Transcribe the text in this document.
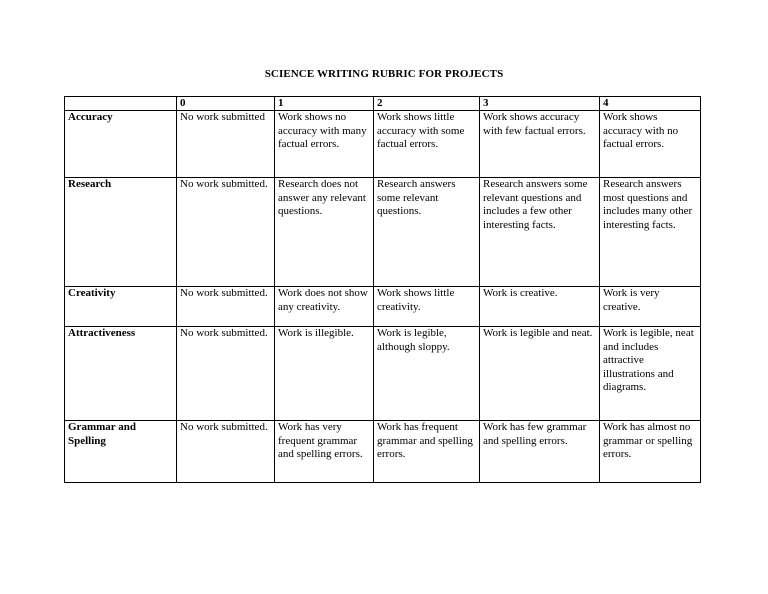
SCIENCE WRITING RUBRIC FOR PROJECTS
	0	1	2	3	4
Accuracy	No work submitted	Work shows no accuracy with many factual errors.	Work shows little accuracy with some factual errors.	Work shows accuracy with few factual errors.	Work shows accuracy with no factual errors.
Research	No work submitted.	Research does not answer any relevant questions.	Research answers some relevant questions.	Research answers some relevant questions and includes a few other interesting facts.	Research answers most questions and includes many other interesting facts.
Creativity	No work submitted.	Work does not show any creativity.	Work shows little creativity.	Work is creative.	Work is very creative.
Attractiveness	No work submitted.	Work is illegible.	Work is legible, although sloppy.	Work is legible and neat.	Work is legible, neat and includes attractive illustrations and diagrams.
Grammar and Spelling	No work submitted.	Work has very frequent grammar and spelling errors.	Work has frequent grammar and spelling errors.	Work has few grammar and spelling errors.	Work has almost no grammar or spelling errors.
